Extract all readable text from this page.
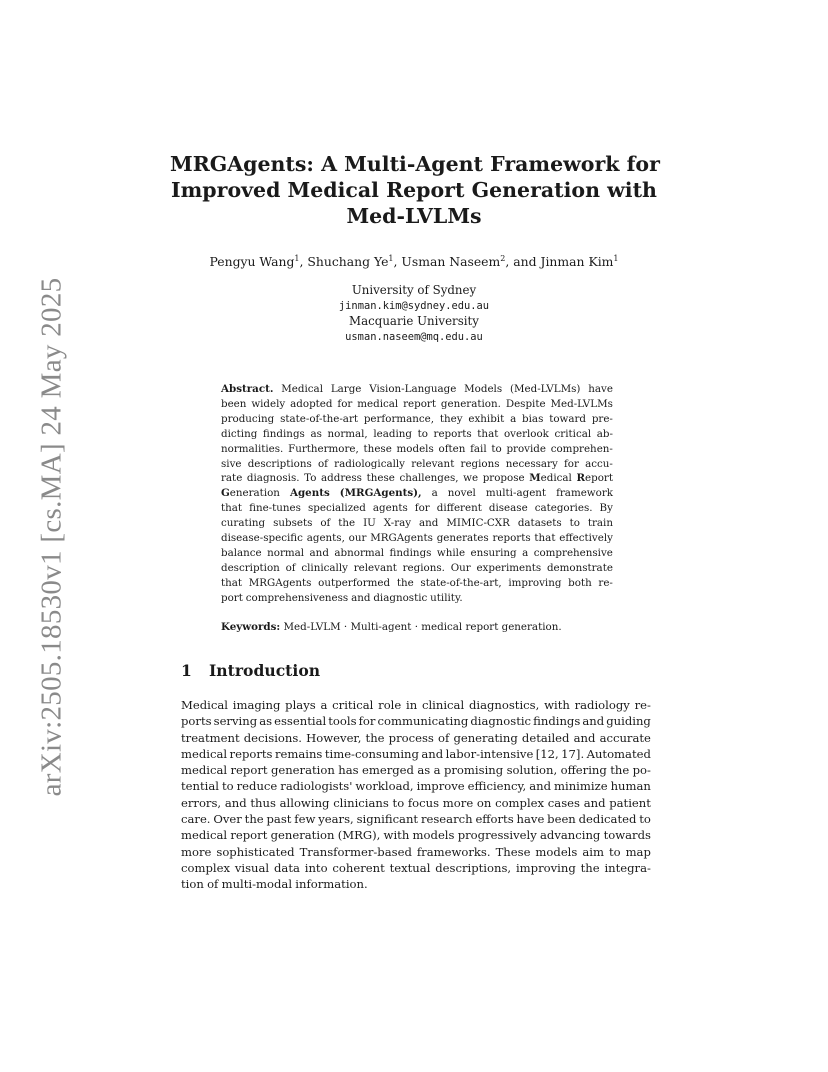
arXiv:2505.18530v1 [cs.MA] 24 May 2025
MRGAgents: A Multi-Agent Framework for
Improved Medical Report Generation with
Med-LVLMs
Pengyu Wang$^1$, Shuchang Ye$^1$, Usman Naseem$^2$, and Jinman Kim$^1$
University of Sydney
jinman.kim@sydney.edu.au
Macquarie University
usman.naseem@mq.edu.au
Abstract. Medical Large Vision-Language Models (Med-LVLMs) have
been widely adopted for medical report generation. Despite Med-LVLMs
producing state-of-the-art performance, they exhibit a bias toward pre-
dicting findings as normal, leading to reports that overlook critical ab-
normalities. Furthermore, these models often fail to provide comprehen-
sive descriptions of radiologically relevant regions necessary for accu-
rate diagnosis. To address these challenges, we propose Medical Report
Generation Agents (MRGAgents), a novel multi-agent framework
that fine-tunes specialized agents for different disease categories. By
curating subsets of the IU X-ray and MIMIC-CXR datasets to train
disease-specific agents, our MRGAgents generates reports that effectively
balance normal and abnormal findings while ensuring a comprehensive
description of clinically relevant regions. Our experiments demonstrate
that MRGAgents outperformed the state-of-the-art, improving both re-
port comprehensiveness and diagnostic utility.
Keywords: Med-LVLM · Multi-agent · medical report generation.
1 Introduction
Medical imaging plays a critical role in clinical diagnostics, with radiology re-
ports serving as essential tools for communicating diagnostic findings and guiding
treatment decisions. However, the process of generating detailed and accurate
medical reports remains time-consuming and labor-intensive [12, 17]. Automated
medical report generation has emerged as a promising solution, offering the po-
tential to reduce radiologists' workload, improve efficiency, and minimize human
errors, and thus allowing clinicians to focus more on complex cases and patient
care. Over the past few years, significant research efforts have been dedicated to
medical report generation (MRG), with models progressively advancing towards
more sophisticated Transformer-based frameworks. These models aim to map
complex visual data into coherent textual descriptions, improving the integra-
tion of multi-modal information.
